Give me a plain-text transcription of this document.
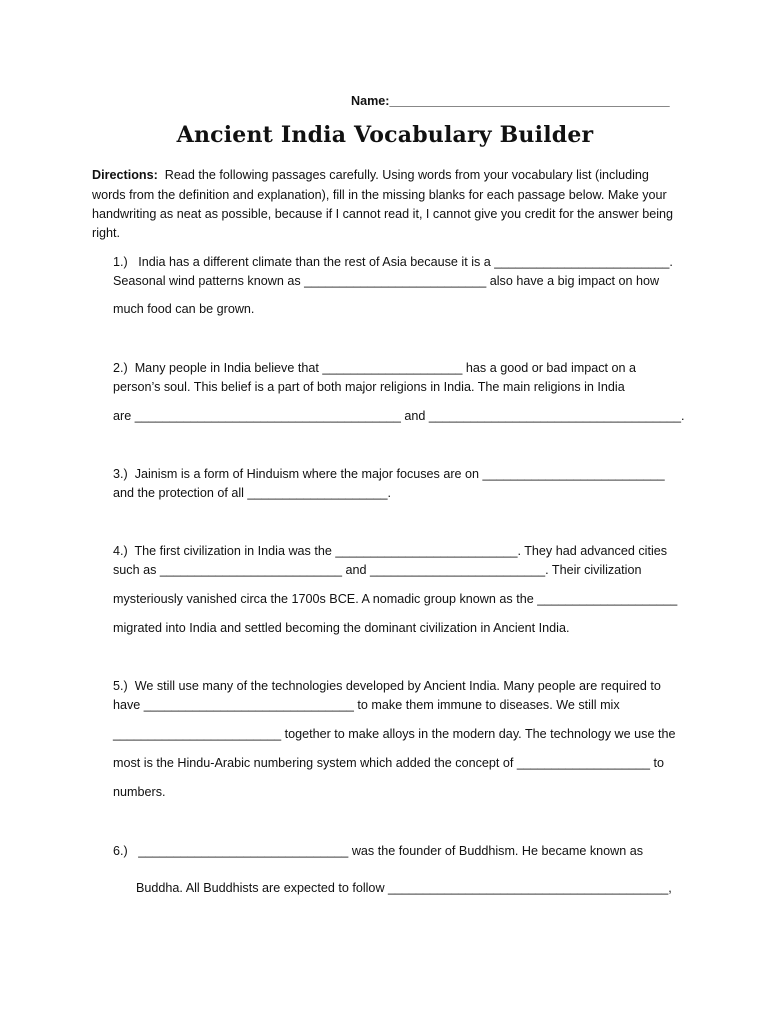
Name:________________________________________
Ancient India Vocabulary Builder
Directions:  Read the following passages carefully. Using words from your vocabulary list (including
words from the definition and explanation), fill in the missing blanks for each passage below. Make your
handwriting as neat as possible, because if I cannot read it, I cannot give you credit for the answer being
right.
1.)   India has a different climate than the rest of Asia because it is a _________________________.
Seasonal wind patterns known as __________________________ also have a big impact on how
much food can be grown.
2.)  Many people in India believe that ____________________ has a good or bad impact on a
person’s soul. This belief is a part of both major religions in India. The main religions in India
are ______________________________________ and ____________________________________.
3.)  Jainism is a form of Hinduism where the major focuses are on __________________________
and the protection of all ____________________.
4.)  The first civilization in India was the __________________________. They had advanced cities
such as __________________________ and _________________________. Their civilization
mysteriously vanished circa the 1700s BCE. A nomadic group known as the ____________________
migrated into India and settled becoming the dominant civilization in Ancient India.
5.)  We still use many of the technologies developed by Ancient India. Many people are required to
have ______________________________ to make them immune to diseases. We still mix
________________________ together to make alloys in the modern day. The technology we use the
most is the Hindu-Arabic numbering system which added the concept of ___________________ to
numbers.
6.)   ______________________________ was the founder of Buddhism. He became known as
Buddha. All Buddhists are expected to follow ________________________________________,
